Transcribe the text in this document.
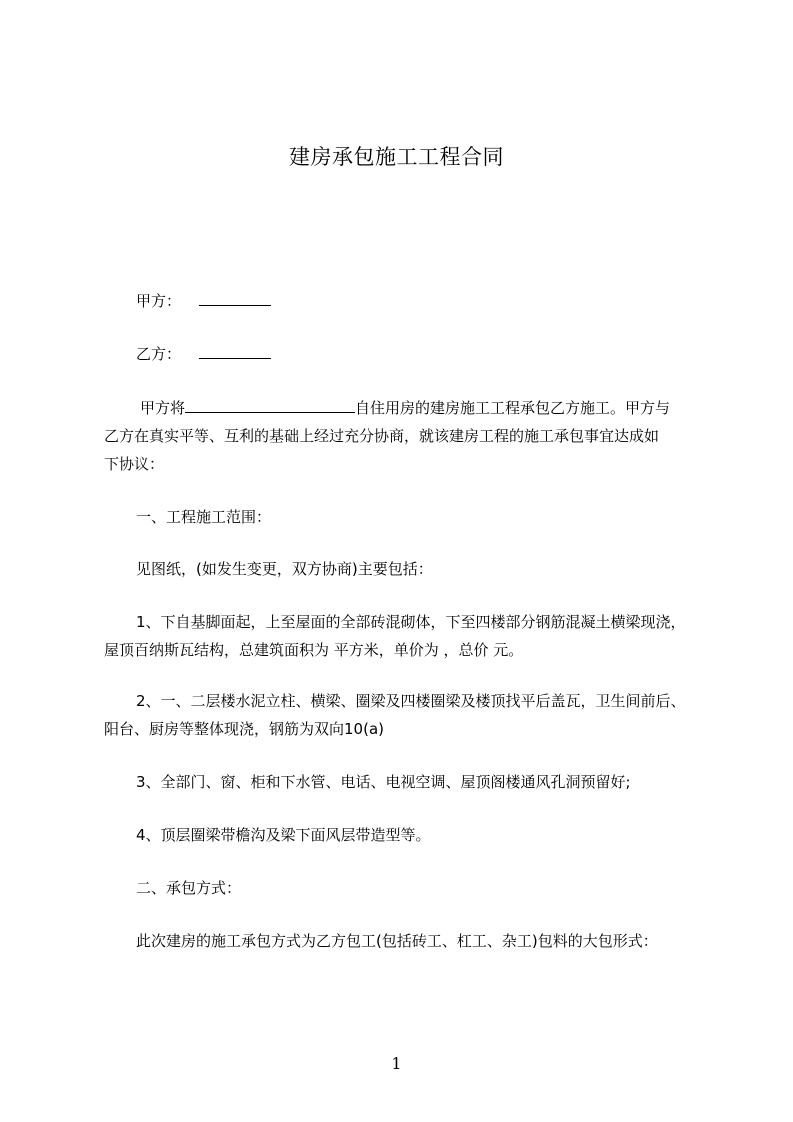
建房承包施工工程合同
甲方：
乙方：
甲方将	自住用房的建房施工工程承包乙方施工。甲方与
乙方在真实平等、互利的基础上经过充分协商，就该建房工程的施工承包事宜达成如
下协议：
一、工程施工范围：
见图纸，(如发生变更，双方协商)主要包括：
1、下自基脚面起，上至屋面的全部砖混砌体，下至四楼部分钢筋混凝土横梁现浇，
屋顶百纳斯瓦结构，总建筑面积为 平方米，单价为 ，总价 元。
2、一、二层楼水泥立柱、横梁、圈梁及四楼圈梁及楼顶找平后盖瓦，卫生间前后、
阳台、厨房等整体现浇，钢筋为双向10(a)
3、全部门、窗、柜和下水管、电话、电视空调、屋顶阁楼通风孔洞预留好;
4、顶层圈梁带檐沟及梁下面风层带造型等。
二、承包方式：
此次建房的施工承包方式为乙方包工(包括砖工、杠工、杂工)包料的大包形式：
1
